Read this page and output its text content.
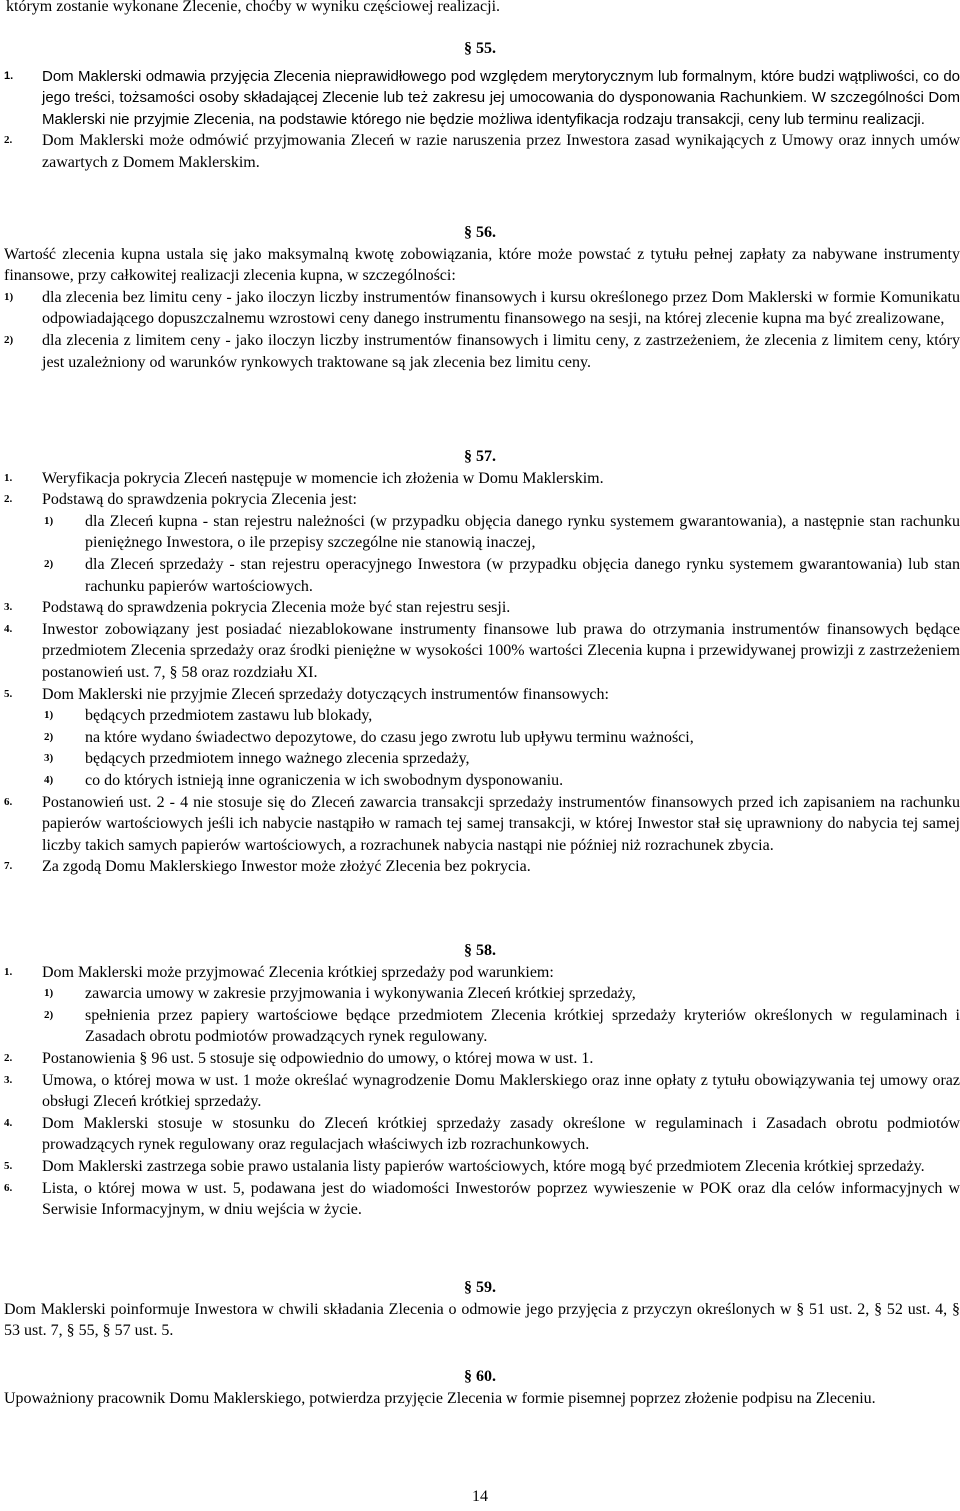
którym zostanie wykonane Zlecenie, choćby w wyniku częściowej realizacji.

§ 55.

1. Dom Maklerski odmawia przyjęcia Zlecenia nieprawidłowego pod względem merytorycznym lub formalnym, które budzi wątpliwości, co do jego treści, tożsamości osoby składającej Zlecenie lub też zakresu jej umocowania do dysponowania Rachunkiem. W szczególności Dom Maklerski nie przyjmie Zlecenia, na podstawie którego nie będzie możliwa identyfikacja rodzaju transakcji, ceny lub terminu realizacji.

2. Dom Maklerski może odmówić przyjmowania Zleceń w razie naruszenia przez Inwestora zasad wynikających z Umowy oraz innych umów zawartych z Domem Maklerskim.

§ 56.

Wartość zlecenia kupna ustala się jako maksymalną kwotę zobowiązania, które może powstać z tytułu pełnej zapłaty za nabywane instrumenty finansowe, przy całkowitej realizacji zlecenia kupna, w szczególności:

1) dla zlecenia bez limitu ceny - jako iloczyn liczby instrumentów finansowych i kursu określonego przez Dom Maklerski w formie Komunikatu odpowiadającego dopuszczalnemu wzrostowi ceny danego instrumentu finansowego na sesji, na której zlecenie kupna ma być zrealizowane,

2) dla zlecenia z limitem ceny - jako iloczyn liczby instrumentów finansowych i limitu ceny, z zastrzeżeniem, że zlecenia z limitem ceny, który jest uzależniony od warunków rynkowych traktowane są jak zlecenia bez limitu ceny.

§ 57.

1. Weryfikacja pokrycia Zleceń następuje w momencie ich złożenia w Domu Maklerskim.

2. Podstawą do sprawdzenia pokrycia Zlecenia jest:

1) dla Zleceń kupna - stan rejestru należności (w przypadku objęcia danego rynku systemem gwarantowania), a następnie stan rachunku pieniężnego Inwestora, o ile przepisy szczególne nie stanowią inaczej,

2) dla Zleceń sprzedaży - stan rejestru operacyjnego Inwestora (w przypadku objęcia danego rynku systemem gwarantowania) lub stan rachunku papierów wartościowych.

3. Podstawą do sprawdzenia pokrycia Zlecenia może być stan rejestru sesji.

4. Inwestor zobowiązany jest posiadać niezablokowane instrumenty finansowe lub prawa do otrzymania instrumentów finansowych będące przedmiotem Zlecenia sprzedaży oraz środki pieniężne w wysokości 100% wartości Zlecenia kupna i przewidywanej prowizji z zastrzeżeniem postanowień ust. 7, § 58 oraz rozdziału XI.

5. Dom Maklerski nie przyjmie Zleceń sprzedaży dotyczących instrumentów finansowych:

1) będących przedmiotem zastawu lub blokady,

2) na które wydano świadectwo depozytowe, do czasu jego zwrotu lub upływu terminu ważności,

3) będących przedmiotem innego ważnego zlecenia sprzedaży,

4) co do których istnieją inne ograniczenia w ich swobodnym dysponowaniu.

6. Postanowień ust. 2 - 4 nie stosuje się do Zleceń zawarcia transakcji sprzedaży instrumentów finansowych przed ich zapisaniem na rachunku papierów wartościowych jeśli ich nabycie nastąpiło w ramach tej samej transakcji, w której Inwestor stał się uprawniony do nabycia tej samej liczby takich samych papierów wartościowych, a rozrachunek nabycia nastąpi nie później niż rozrachunek zbycia.

7. Za zgodą Domu Maklerskiego Inwestor może złożyć Zlecenia bez pokrycia.

§ 58.

1. Dom Maklerski może przyjmować Zlecenia krótkiej sprzedaży pod warunkiem:

1) zawarcia umowy w zakresie przyjmowania i wykonywania Zleceń krótkiej sprzedaży,

2) spełnienia przez papiery wartościowe będące przedmiotem Zlecenia krótkiej sprzedaży kryteriów określonych w regulaminach i Zasadach obrotu podmiotów prowadzących rynek regulowany.

2. Postanowienia § 96 ust. 5 stosuje się odpowiednio do umowy, o której mowa w ust. 1.

3. Umowa, o której mowa w ust. 1 może określać wynagrodzenie Domu Maklerskiego oraz inne opłaty z tytułu obowiązywania tej umowy oraz obsługi Zleceń krótkiej sprzedaży.

4. Dom Maklerski stosuje w stosunku do Zleceń krótkiej sprzedaży zasady określone w regulaminach i Zasadach obrotu podmiotów prowadzących rynek regulowany oraz regulacjach właściwych izb rozrachunkowych.

5. Dom Maklerski zastrzega sobie prawo ustalania listy papierów wartościowych, które mogą być przedmiotem Zlecenia krótkiej sprzedaży.

6. Lista, o której mowa w ust. 5, podawana jest do wiadomości Inwestorów poprzez wywieszenie w POK oraz dla celów informacyjnych w Serwisie Informacyjnym, w dniu wejścia w życie.

§ 59.

Dom Maklerski poinformuje Inwestora w chwili składania Zlecenia o odmowie jego przyjęcia z przyczyn określonych w § 51 ust. 2, § 52 ust. 4, § 53 ust. 7, § 55, § 57 ust. 5.

§ 60.

Upoważniony pracownik Domu Maklerskiego, potwierdza przyjęcie Zlecenia w formie pisemnej poprzez złożenie podpisu na Zleceniu.

14
